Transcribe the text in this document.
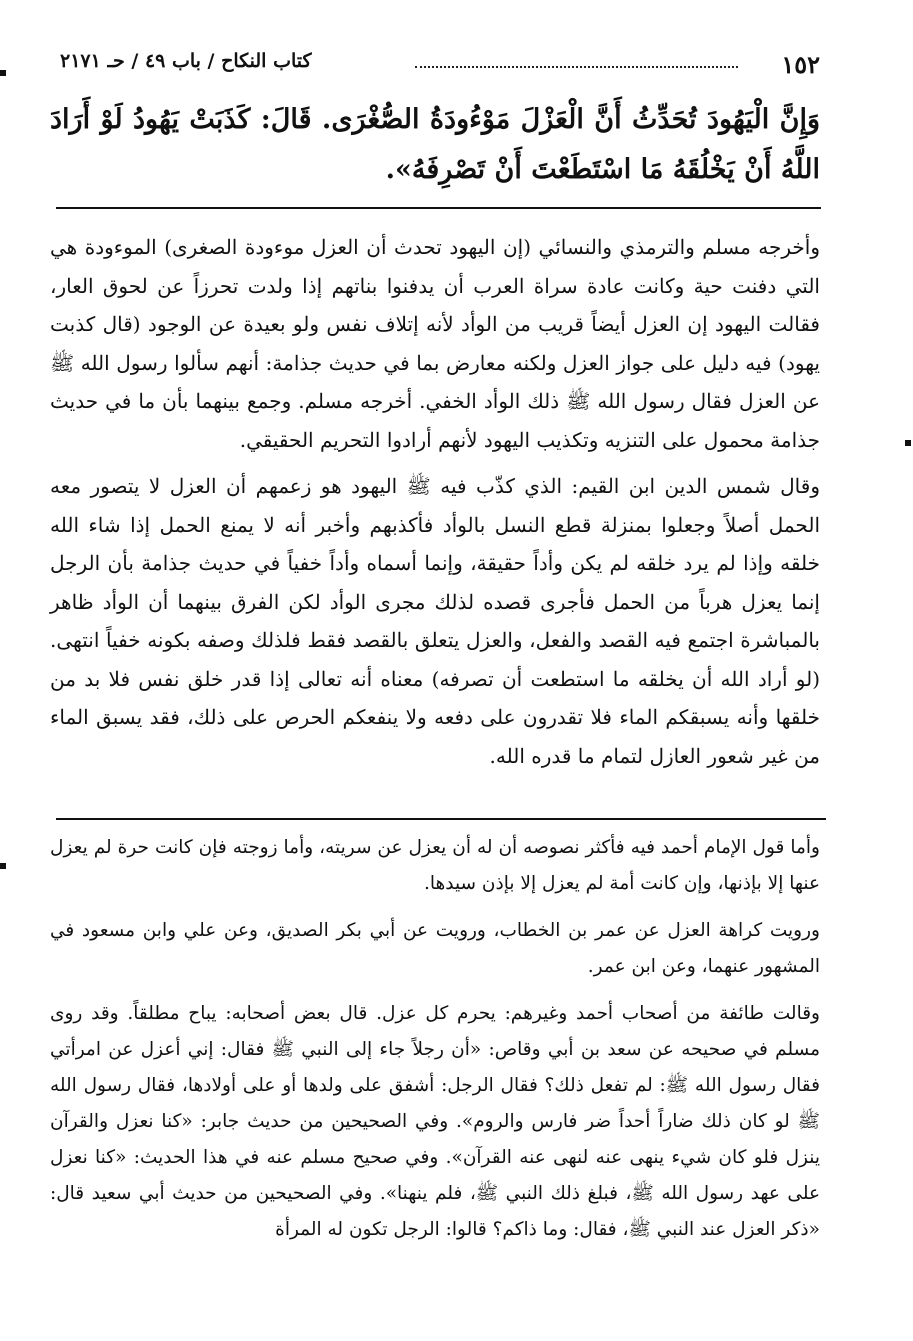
١٥٢
كتاب النكاح / باب ٤٩ / حـ ٢١٧١
وَإِنَّ الْيَهُودَ تُحَدِّثُ أَنَّ الْعَزْلَ مَوْءُودَةُ الصُّغْرَى. قَالَ: كَذَبَتْ يَهُودُ لَوْ أَرَادَ اللَّهُ أَنْ يَخْلُقَهُ مَا اسْتَطَعْتَ أَنْ تَصْرِفَهُ».

وأخرجه مسلم والترمذي والنسائي (إن اليهود تحدث أن العزل موءودة الصغرى) الموءودة هي التي دفنت حية وكانت عادة سراة العرب أن يدفنوا بناتهم إذا ولدت تحرزاً عن لحوق العار، فقالت اليهود إن العزل أيضاً قريب من الوأد لأنه إتلاف نفس ولو بعيدة عن الوجود (قال كذبت يهود) فيه دليل على جواز العزل ولكنه معارض بما في حديث جذامة: أنهم سألوا رسول الله ﷺ عن العزل فقال رسول الله ﷺ ذلك الوأد الخفي. أخرجه مسلم. وجمع بينهما بأن ما في حديث جذامة محمول على التنزيه وتكذيب اليهود لأنهم أرادوا التحريم الحقيقي.

وقال شمس الدين ابن القيم: الذي كذّب فيه ﷺ اليهود هو زعمهم أن العزل لا يتصور معه الحمل أصلاً وجعلوا بمنزلة قطع النسل بالوأد فأكذبهم وأخبر أنه لا يمنع الحمل إذا شاء الله خلقه وإذا لم يرد خلقه لم يكن وأداً حقيقة، وإنما أسماه وأداً خفياً في حديث جذامة بأن الرجل إنما يعزل هرباً من الحمل فأجرى قصده لذلك مجرى الوأد لكن الفرق بينهما أن الوأد ظاهر بالمباشرة اجتمع فيه القصد والفعل، والعزل يتعلق بالقصد فقط فلذلك وصفه بكونه خفياً انتهى. (لو أراد الله أن يخلقه ما استطعت أن تصرفه) معناه أنه تعالى إذا قدر خلق نفس فلا بد من خلقها وأنه يسبقكم الماء فلا تقدرون على دفعه ولا ينفعكم الحرص على ذلك، فقد يسبق الماء من غير شعور العازل لتمام ما قدره الله.

وأما قول الإمام أحمد فيه فأكثر نصوصه أن له أن يعزل عن سريته، وأما زوجته فإن كانت حرة لم يعزل عنها إلا بإذنها، وإن كانت أمة لم يعزل إلا بإذن سيدها.

ورويت كراهة العزل عن عمر بن الخطاب، ورويت عن أبي بكر الصديق، وعن علي وابن مسعود في المشهور عنهما، وعن ابن عمر.

وقالت طائفة من أصحاب أحمد وغيرهم: يحرم كل عزل. قال بعض أصحابه: يباح مطلقاً. وقد روى مسلم في صحيحه عن سعد بن أبي وقاص: «أن رجلاً جاء إلى النبي ﷺ فقال: إني أعزل عن امرأتي فقال رسول الله ﷺ: لم تفعل ذلك؟ فقال الرجل: أشفق على ولدها أو على أولادها، فقال رسول الله ﷺ لو كان ذلك ضاراً أحداً ضر فارس والروم». وفي الصحيحين من حديث جابر: «كنا نعزل والقرآن ينزل فلو كان شيء ينهى عنه لنهى عنه القرآن». وفي صحيح مسلم عنه في هذا الحديث: «كنا نعزل على عهد رسول الله ﷺ، فبلغ ذلك النبي ﷺ، فلم ينهنا». وفي الصحيحين من حديث أبي سعيد قال: «ذكر العزل عند النبي ﷺ، فقال: وما ذاكم؟ قالوا: الرجل تكون له المرأة
